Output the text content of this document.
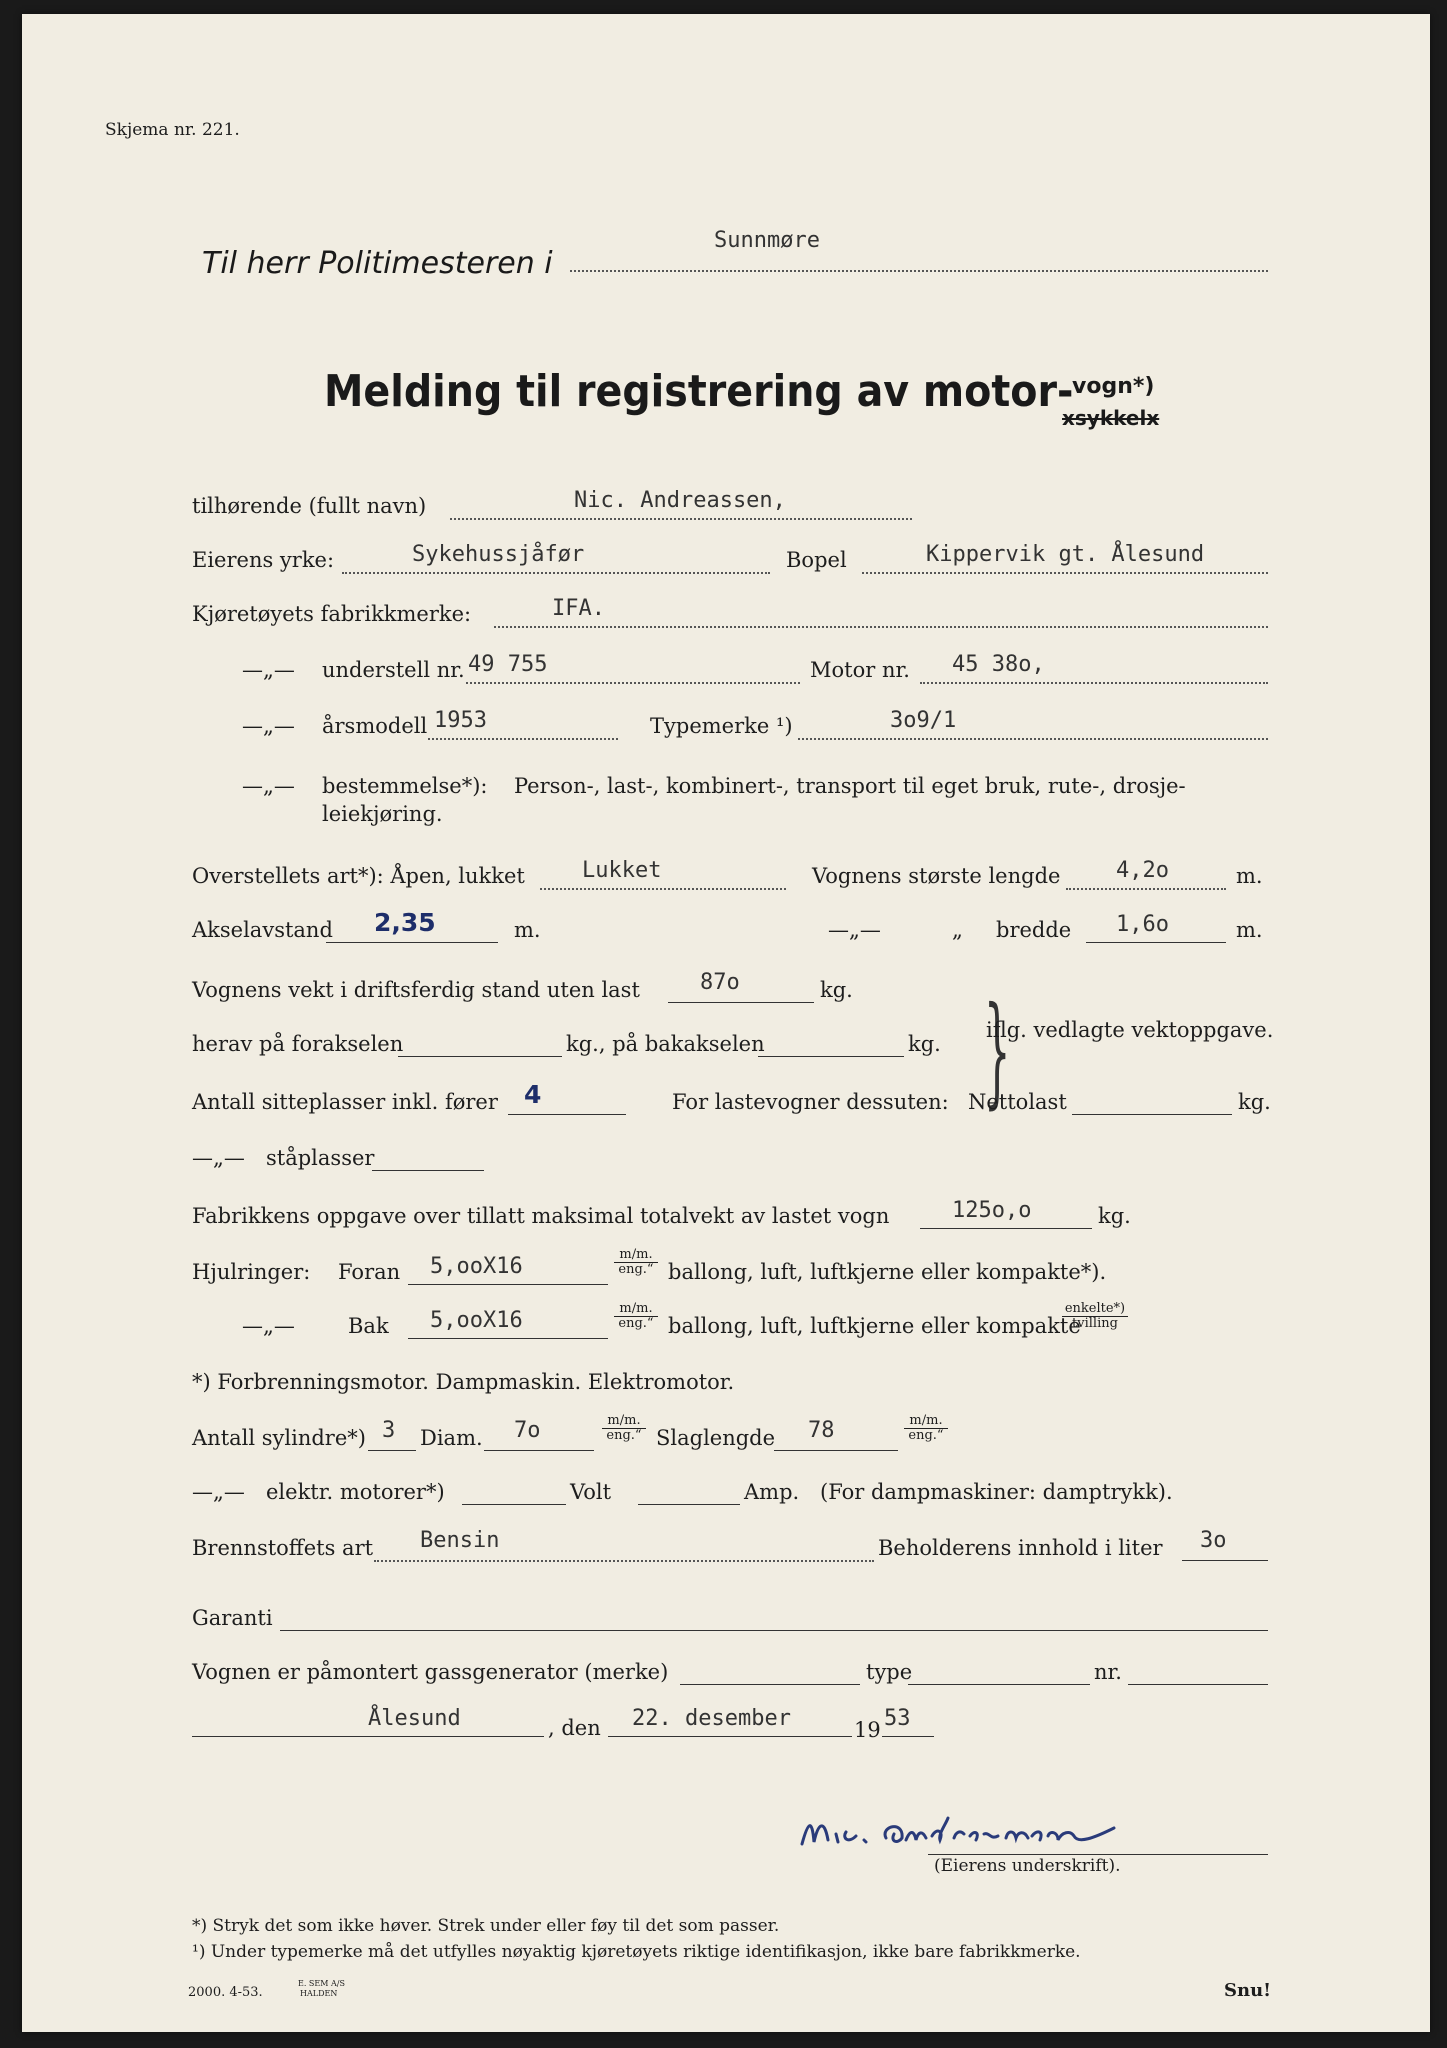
Skjema nr. 221.
Til herr Politimesteren i
Sunnmøre
Melding til registrering av motor-
vogn*)
xsykkelx
tilhørende (fullt navn)	Nic. Andreassen,
Eierens yrke:	Sykehussjåfør	Bopel	Kippervik gt. Ålesund
Kjøretøyets fabrikkmerke:	IFA.
—„— understell nr. 49 755	Motor nr. 45 38o,
—„— årsmodell 1953	Typemerke ¹)	3o9/1
—„— bestemmelse*): Person-, last-, kombinert-, transport til eget bruk, rute-, drosje-
leiekjøring.
Overstellets art*): Åpen, lukket	Lukket	Vognens største lengde	4,2o	m.
Akselavstand 2,35	m.	—„—	„ bredde 1,6o	m.
Vognens vekt i driftsferdig stand uten last	87o	kg.
herav på forakselen	kg., på bakakselen	kg. }
iflg. vedlagte vektoppgave.
Antall sitteplasser inkl. fører 4	For lastevogner dessuten: Nettolast	kg.
—„— ståplasser
Fabrikkens oppgave over tillatt maksimal totalvekt av lastet vogn	125o,o	kg.
Hjulringer: Foran 5,ooX16	m/m.
eng.“ ballong, luft, luftkjerne eller kompakte*).
—„—	Bak 5,ooX16	m/m.
eng.“ ballong, luft, luftkjerne eller kompakte
enkelte*)
tvilling
*) Forbrenningsmotor. Dampmaskin. Elektromotor.
Antall sylindre*) 3 Diam. 7o	m/m.
eng.“ Slaglengde 78	m/m.
eng.“
—„— elektr. motorer*)	Volt	Amp. (For dampmaskiner: damptrykk).
Brennstoffets art Bensin	Beholderens innhold i liter 3o
Garanti
Vognen er påmontert gassgenerator (merke)	type	nr.
Ålesund	, den 22. desember	19 53
(Eierens underskrift).
*) Stryk det som ikke høver. Strek under eller føy til det som passer.
¹) Under typemerke må det utfylles nøyaktig kjøretøyets riktige identifikasjon, ikke bare fabrikkmerke.
2000. 4-53.
E. SEM A/S
HALDEN	Snu!
